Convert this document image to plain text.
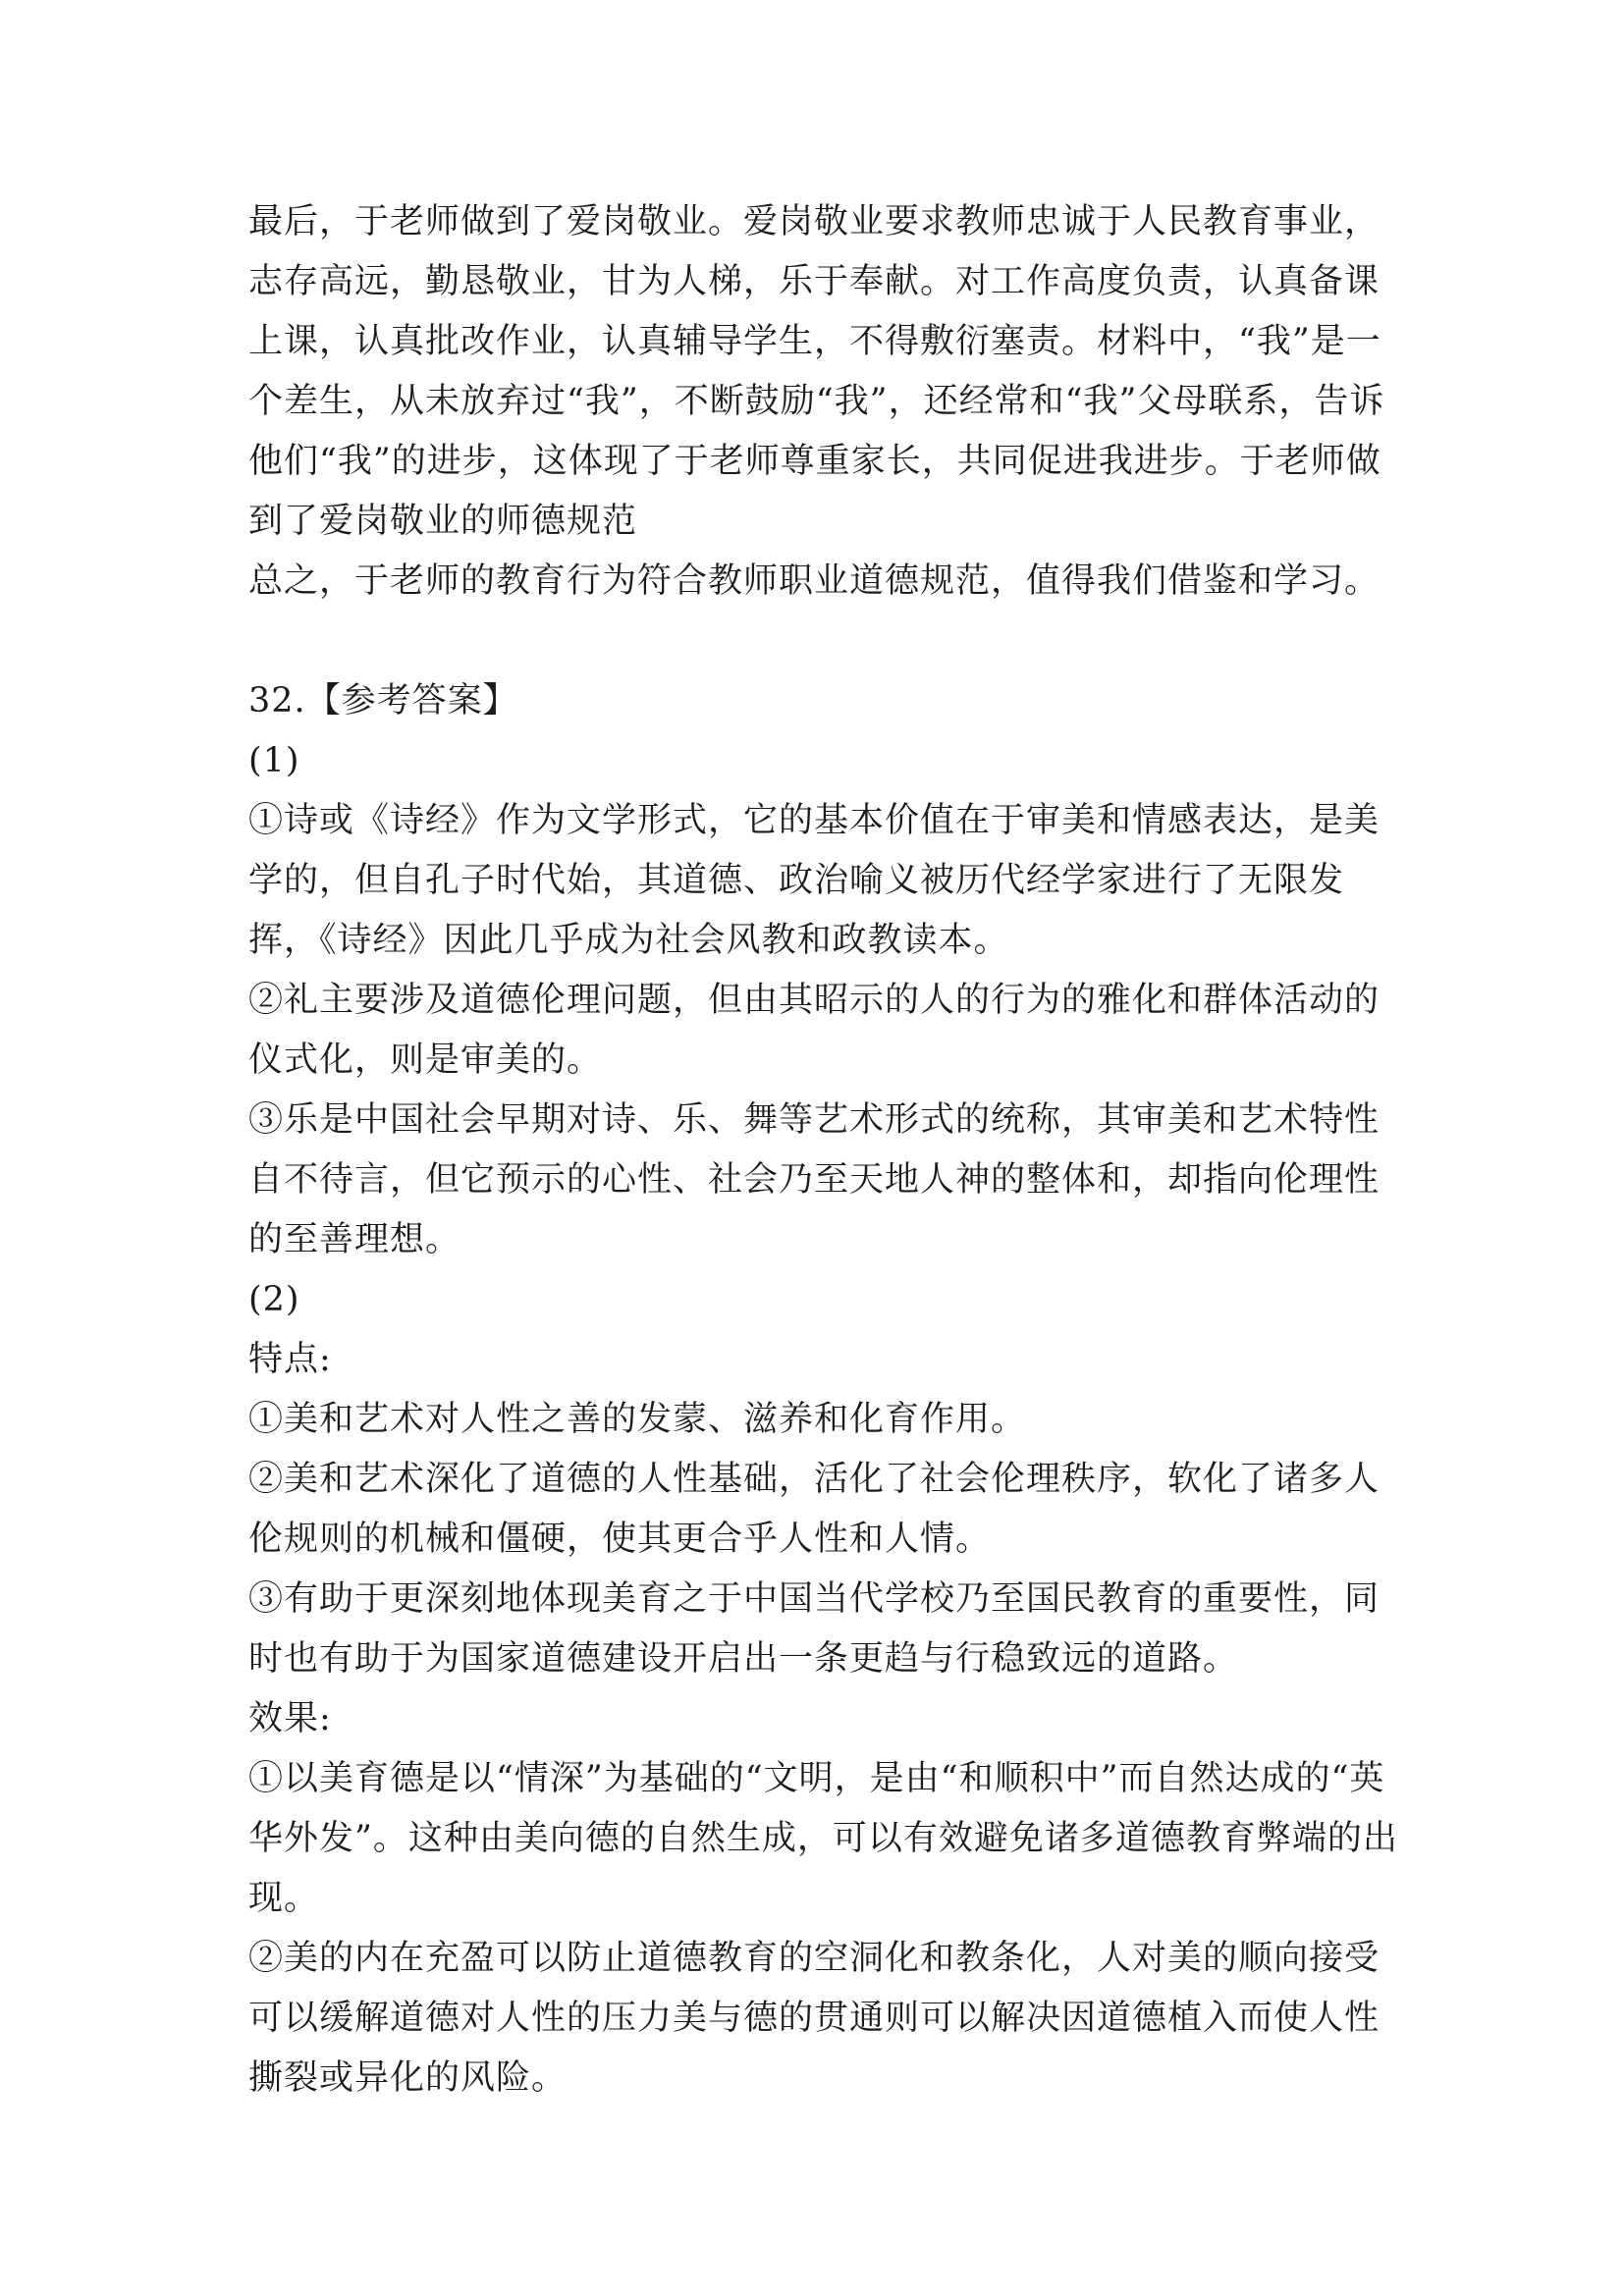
最后，于老师做到了爱岗敬业。爱岗敬业要求教师忠诚于人民教育事业，志存高远，勤恳敬业，甘为人梯，乐于奉献。对工作高度负责，认真备课上课，认真批改作业，认真辅导学生，不得敷衍塞责。材料中，“我”是一个差生，从未放弃过“我”，不断鼓励“我”，还经常和“我”父母联系，告诉他们“我”的进步，这体现了于老师尊重家长，共同促进我进步。于老师做到了爱岗敬业的师德规范

总之，于老师的教育行为符合教师职业道德规范，值得我们借鉴和学习。

32.【参考答案】

(1)

①诗或《诗经》作为文学形式，它的基本价值在于审美和情感表达，是美学的，但自孔子时代始，其道德、政治喻义被历代经学家进行了无限发挥，《诗经》因此几乎成为社会风教和政教读本。

②礼主要涉及道德伦理问题，但由其昭示的人的行为的雅化和群体活动的仪式化，则是审美的。

③乐是中国社会早期对诗、乐、舞等艺术形式的统称，其审美和艺术特性自不待言，但它预示的心性、社会乃至天地人神的整体和，却指向伦理性的至善理想。

(2)

特点:

①美和艺术对人性之善的发蒙、滋养和化育作用。

②美和艺术深化了道德的人性基础，活化了社会伦理秩序，软化了诸多人伦规则的机械和僵硬，使其更合乎人性和人情。

③有助于更深刻地体现美育之于中国当代学校乃至国民教育的重要性，同时也有助于为国家道德建设开启出一条更趋与行稳致远的道路。

效果:

①以美育德是以“情深”为基础的“文明，是由“和顺积中”而自然达成的“英华外发”。这种由美向德的自然生成，可以有效避免诸多道德教育弊端的出现。

②美的内在充盈可以防止道德教育的空洞化和教条化，人对美的顺向接受可以缓解道德对人性的压力美与德的贯通则可以解决因道德植入而使人性撕裂或异化的风险。
